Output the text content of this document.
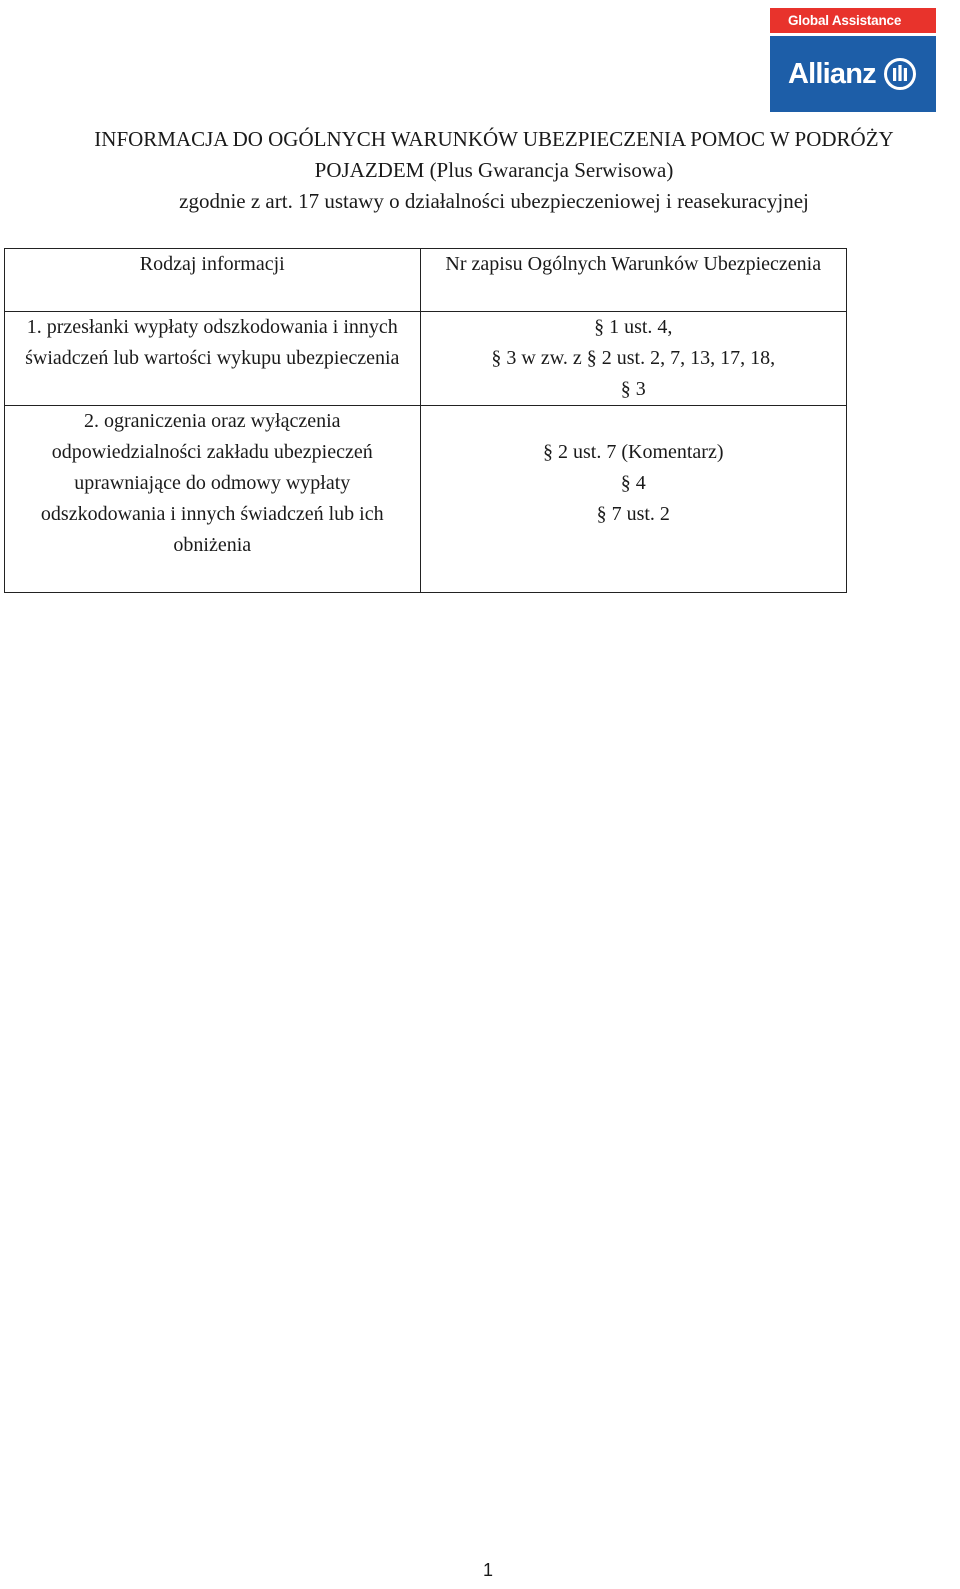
Global Assistance
Allianz
INFORMACJA DO OGÓLNYCH WARUNKÓW UBEZPIECZENIA POMOC W PODRÓŻY
POJAZDEM (Plus Gwarancja Serwisowa)
zgodnie z art. 17 ustawy o działalności ubezpieczeniowej i reasekuracyjnej
Rodzaj informacji	Nr zapisu Ogólnych Warunków Ubezpieczenia
1. przesłanki wypłaty odszkodowania i innych świadczeń lub wartości wykupu ubezpieczenia	§ 1 ust. 4,
§ 3 w zw. z § 2 ust. 2, 7, 13, 17, 18,
§ 3

2. ograniczenia oraz wyłączenia odpowiedzialności zakładu ubezpieczeń uprawniające do odmowy wypłaty odszkodowania i innych świadczeń lub ich obniżenia	§ 2 ust. 7 (Komentarz)
§ 4
§ 7 ust. 2
1
